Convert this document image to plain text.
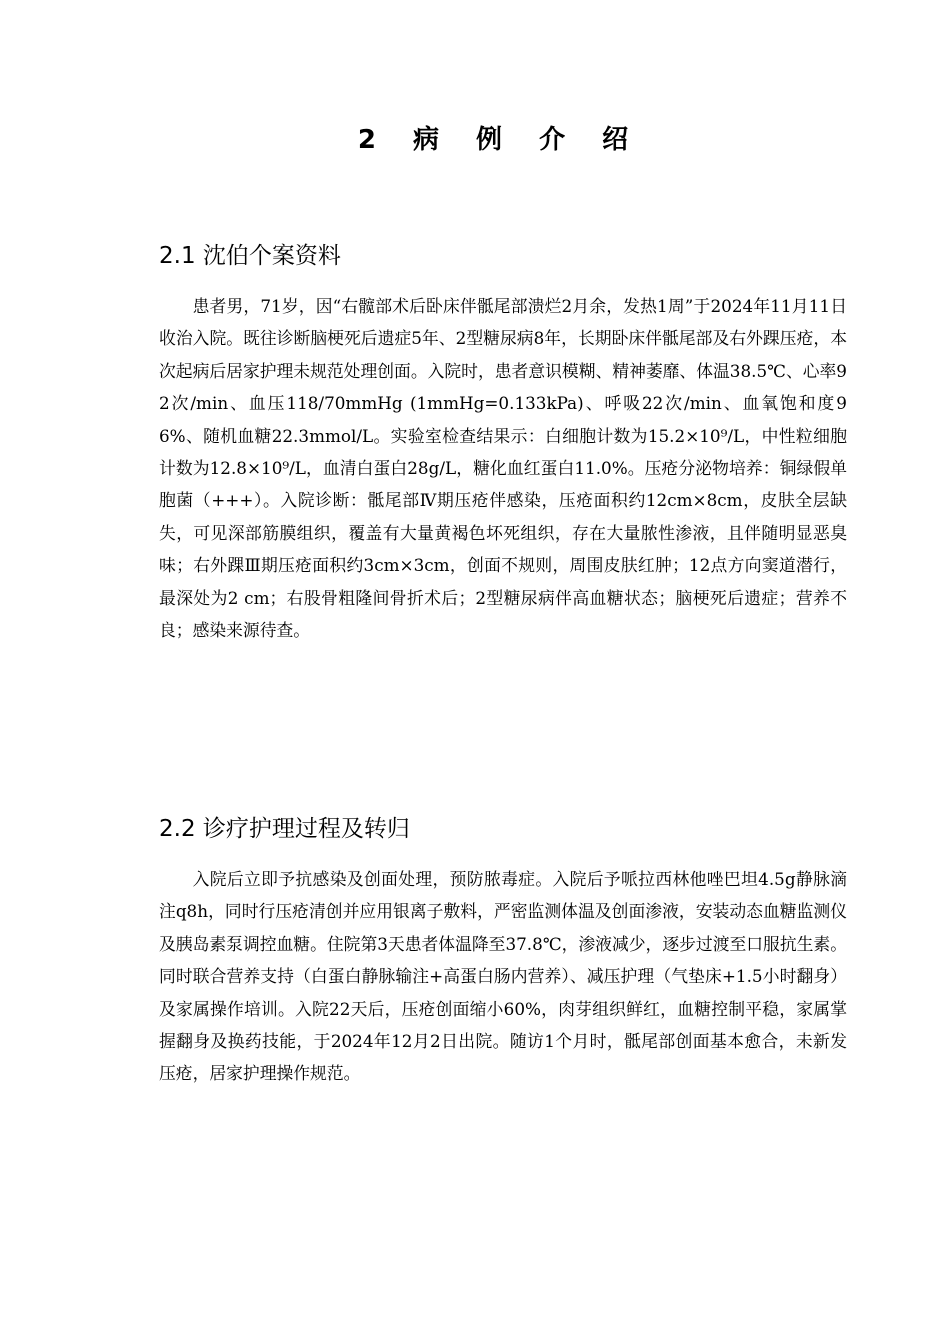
2 病 例 介 绍
2.1 沈伯个案资料

患者男，71岁，因“右髋部术后卧床伴骶尾部溃烂2月余，发热1周”于2024年11月11日收治入院。既往诊断脑梗死后遗症5年、2型糖尿病8年，长期卧床伴骶尾部及右外踝压疮，本次起病后居家护理未规范处理创面。入院时，患者意识模糊、精神萎靡、体温38.5℃、心率92次/min、血压118/70mmHg (1mmHg=0.133kPa)、呼吸22次/min、血氧饱和度96%、随机血糖22.3mmol/L。实验室检查结果示：白细胞计数为15.2×10⁹/L，中性粒细胞计数为12.8×10⁹/L，血清白蛋白28g/L，糖化血红蛋白11.0%。压疮分泌物培养：铜绿假单胞菌（+++）。入院诊断：骶尾部Ⅳ期压疮伴感染，压疮面积约12cm×8cm，皮肤全层缺失，可见深部筋膜组织，覆盖有大量黄褐色坏死组织，存在大量脓性渗液，且伴随明显恶臭味；右外踝Ⅲ期压疮面积约3cm×3cm，创面不规则，周围皮肤红肿；12点方向窦道潜行，最深处为2 cm；右股骨粗隆间骨折术后；2型糖尿病伴高血糖状态；脑梗死后遗症；营养不良；感染来源待查。

2.2 诊疗护理过程及转归

入院后立即予抗感染及创面处理，预防脓毒症。入院后予哌拉西林他唑巴坦4.5g静脉滴注q8h，同时行压疮清创并应用银离子敷料，严密监测体温及创面渗液，安装动态血糖监测仪及胰岛素泵调控血糖。住院第3天患者体温降至37.8℃，渗液减少，逐步过渡至口服抗生素。同时联合营养支持（白蛋白静脉输注+高蛋白肠内营养）、减压护理（气垫床+1.5小时翻身）及家属操作培训。入院22天后，压疮创面缩小60%，肉芽组织鲜红，血糖控制平稳，家属掌握翻身及换药技能，于2024年12月2日出院。随访1个月时，骶尾部创面基本愈合，未新发压疮，居家护理操作规范。
